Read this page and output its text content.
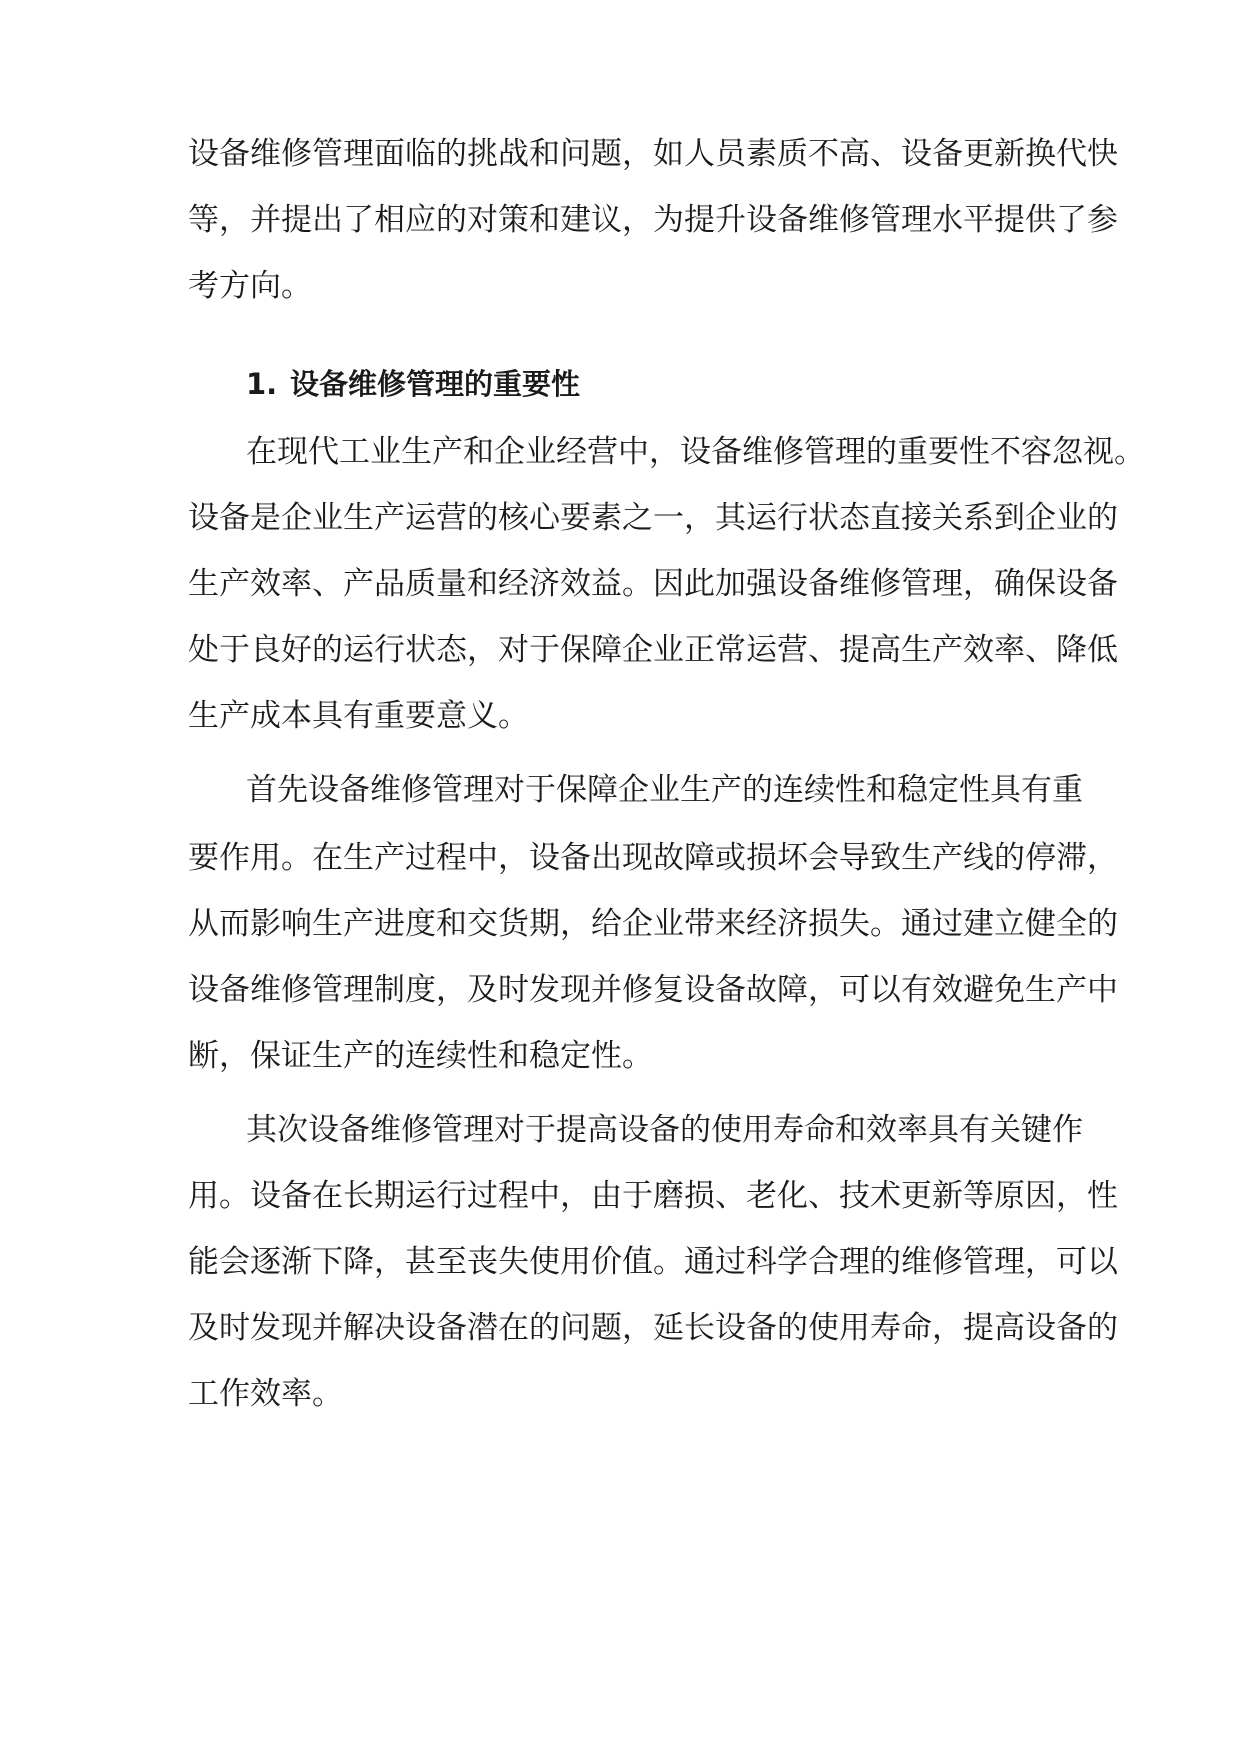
设备维修管理面临的挑战和问题，如人员素质不高、设备更新换代快
等，并提出了相应的对策和建议，为提升设备维修管理水平提供了参
考方向。
1. 设备维修管理的重要性
在现代工业生产和企业经营中，设备维修管理的重要性不容忽视。
设备是企业生产运营的核心要素之一，其运行状态直接关系到企业的
生产效率、产品质量和经济效益。因此加强设备维修管理，确保设备
处于良好的运行状态，对于保障企业正常运营、提高生产效率、降低
生产成本具有重要意义。
首先设备维修管理对于保障企业生产的连续性和稳定性具有重
要作用。在生产过程中，设备出现故障或损坏会导致生产线的停滞，
从而影响生产进度和交货期，给企业带来经济损失。通过建立健全的
设备维修管理制度，及时发现并修复设备故障，可以有效避免生产中
断，保证生产的连续性和稳定性。
其次设备维修管理对于提高设备的使用寿命和效率具有关键作
用。设备在长期运行过程中，由于磨损、老化、技术更新等原因，性
能会逐渐下降，甚至丧失使用价值。通过科学合理的维修管理，可以
及时发现并解决设备潜在的问题，延长设备的使用寿命，提高设备的
工作效率。
